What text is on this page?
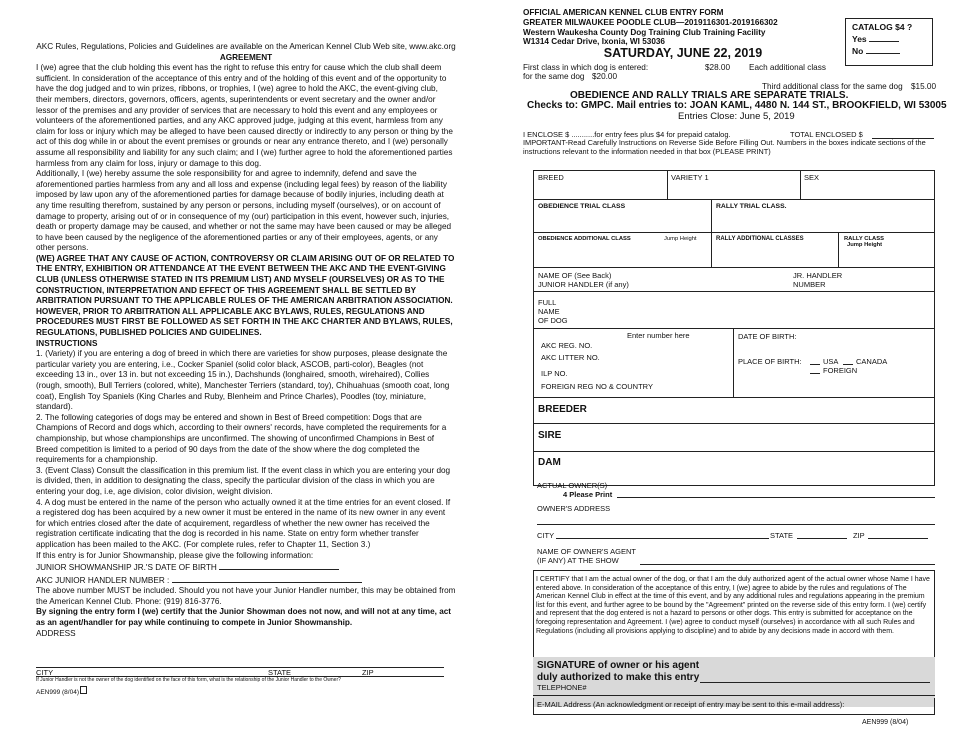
AKC Rules, Regulations, Policies and Guidelines are available on the American Kennel Club Web site, www.akc.org

AGREEMENT

I (we) agree that the club holding this event has the right to refuse this entry for cause which the club shall deem sufficient. In consideration of the acceptance of this entry and of the holding of this event and of the opportunity to have the dog judged and to win prizes, ribbons, or trophies, I (we) agree to hold the AKC, the event-giving club, their members, directors, governors, officers, agents, superintendents or event secretary and the owner and/or lessor of the premises and any provider of services that are necessary to hold this event and any employees or volunteers of the aforementioned parties, and any AKC approved judge, judging at this event, harmless from any claim for loss or injury which may be alleged to have been caused directly or indirectly to any person or thing by the act of this dog while in or about the event premises or grounds or near any entrance thereto, and I (we) personally assume all responsibility and liability for any such claim; and I (we) further agree to hold the aforementioned parties harmless from any claim for loss, injury or damage to this dog.

Additionally, I (we) hereby assume the sole responsibility for and agree to indemnify, defend and save the aforementioned parties harmless from any and all loss and expense (including legal fees) by reason of the liability imposed by law upon any of the aforementioned parties for damage because of bodily injuries, including death at any time resulting therefrom, sustained by any person or persons, including myself (ourselves), or on account of damage to property, arising out of or in consequence of my (our) participation in this event, however such, injuries, death or property damage may be caused, and whether or not the same may have been caused or may be alleged to have been caused by the negligence of the aforementioned parties or any of their employees, agents, or any other persons.

(WE) AGREE THAT ANY CAUSE OF ACTION, CONTROVERSY OR CLAIM ARISING OUT OF OR RELATED TO THE ENTRY, EXHIBITION OR ATTENDANCE AT THE EVENT BETWEEN THE AKC AND THE EVENT-GIVING CLUB (UNLESS OTHERWISE STATED IN ITS PREMIUM LIST) AND MYSELF (OURSELVES) OR AS TO THE CONSTRUCTION, INTERPRETATION AND EFFECT OF THIS AGREEMENT SHALL BE SETTLED BY ARBITRATION PURSUANT TO THE APPLICABLE RULES OF THE AMERICAN ARBITRATION ASSOCIATION. HOWEVER, PRIOR TO ARBITRATION ALL APPLICABLE AKC BYLAWS, RULES, REGULATIONS AND PROCEDURES MUST FIRST BE FOLLOWED AS SET FORTH IN THE AKC CHARTER AND BYLAWS, RULES, REGULATIONS, PUBLISHED POLICIES AND GUIDELINES.

INSTRUCTIONS

1. (Variety) if you are entering a dog of breed in which there are varieties for show purposes, please designate the particular variety you are entering, i.e., Cocker Spaniel (solid color black, ASCOB, parti-color), Beagles (not exceeding 13 in., over 13 in. but not exceeding 15 in.), Dachshunds (longhaired, smooth, wirehaired), Collies (rough, smooth), Bull Terriers (colored, white), Manchester Terriers (standard, toy), Chihuahuas (smooth coat, long coat), English Toy Spaniels (King Charles and Ruby, Blenheim and Prince Charles), Poodles (toy, miniature, standard).

2. The following categories of dogs may be entered and shown in Best of Breed competition: Dogs that are Champions of Record and dogs which, according to their owners' records, have completed the requirements for a championship, but whose championships are unconfirmed. The showing of unconfirmed Champions in Best of Breed competition is limited to a period of 90 days from the date of the show where the dog completed the requirements for a championship.

3. (Event Class) Consult the classification in this premium list. If the event class in which you are entering your dog is divided, then, in addition to designating the class, specify the particular division of the class in which you are entering your dog, i.e, age division, color division, weight division.

4. A dog must be entered in the name of the person who actually owned it at the time entries for an event closed. If a registered dog has been acquired by a new owner it must be entered in the name of its new owner in any event for which entries closed after the date of acquirement, regardless of whether the new owner has received the registration certificate indicating that the dog is recorded in his name. State on entry form whether transfer application has been mailed to the AKC. (For complete rules, refer to Chapter 11, Section 3.)

If this entry is for Junior Showmanship, please give the following information:

JUNIOR SHOWMANSHIP JR.'S DATE OF BIRTH

AKC JUNIOR HANDLER NUMBER :

The above number MUST be included. Should you not have your Junior Handler number, this may be obtained from the American Kennel Club. Phone: (919) 816-3776.

By signing the entry form I (we) certify that the Junior Showman does not now, and will not at any time, act as an agent/handler for pay while continuing to compete in Junior Showmanship.

ADDRESS

CITY	STATE	ZIP
If Junior Handler is not the owner of the dog identified on the face of this form, what is the relationship of the Junior Handler to the Owner?
AEN999 (8/04)
OFFICIAL AMERICAN KENNEL CLUB ENTRY FORM
GREATER MILWAUKEE POODLE CLUB—2019116301-2019166302
Western Waukesha County Dog Training Club Training Facility
W1314 Cedar Drive, Ixonia, WI 53036
SATURDAY, JUNE 22, 2019
First class in which dog is entered:	$28.00 Each additional class
for the same dog $20.00
Third additional class for the same dog $15.00
OBEDIENCE AND RALLY TRIALS ARE SEPARATE TRIALS.
Checks to: GMPC. Mail entries to: JOAN KAML, 4480 N. 144 ST., BROOKFIELD, WI 53005
Entries Close: June 5, 2019
I ENCLOSE $ ...........for entry fees plus $4 for prepaid catalog.	TOTAL ENCLOSED $
IMPORTANT-Read Carefully Instructions on Reverse Side Before Filling Out. Numbers in the boxes indicate sections of the instructions relevant to the information needed in that box (PLEASE PRINT)
CATALOG $4 ?
Yes
No
BREED	VARIETY 1	SEX
OBEDIENCE TRIAL CLASS	RALLY TRIAL CLASS.
OBEDIENCE ADDITIONAL CLASS	Jump Height	RALLY ADDITIONAL CLASSES	RALLY CLASS
Jump Height
NAME OF (See Back)
JUNIOR HANDLER (if any)
JR. HANDLER
NUMBER
FULL
NAME
OF DOG
Enter number here
AKC REG. NO.
AKC LITTER NO.
ILP NO.
FOREIGN REG NO & COUNTRY
DATE OF BIRTH:
PLACE OF BIRTH:	USA CANADA
FOREIGN
BREEDER
SIRE
DAM
ACTUAL OWNER(S)
4 Please Print
OWNER'S ADDRESS
CITY	STATE	ZIP
NAME OF OWNER'S AGENT
(IF ANY) AT THE SHOW
I CERTIFY that I am the actual owner of the dog, or that I am the duly authorized agent of the actual owner whose Name I have entered above. In consideration of the acceptance of this entry, I (we) agree to abide by the rules and regulations of The American Kennel Club in effect at the time of this event, and by any additional rules and regulations appearing in the premium list for this event, and further agree to be bound by the "Agreement" printed on the reverse side of this entry form. I (we) certify and represent that the dog entered is not a hazard to persons or other dogs. This entry is submitted for acceptance on the foregoing representation and Agreement. I (we) agree to conduct myself (ourselves) in accordance with all such Rules and Regulations (including all provisions applying to discipline) and to abide by any decisions made in accord with them.
SIGNATURE of owner or his agent
duly authorized to make this entry
TELEPHONE#
E-MAIL Address (An acknowledgment or receipt of entry may be sent to this e-mail address):
AEN999 (8/04)
